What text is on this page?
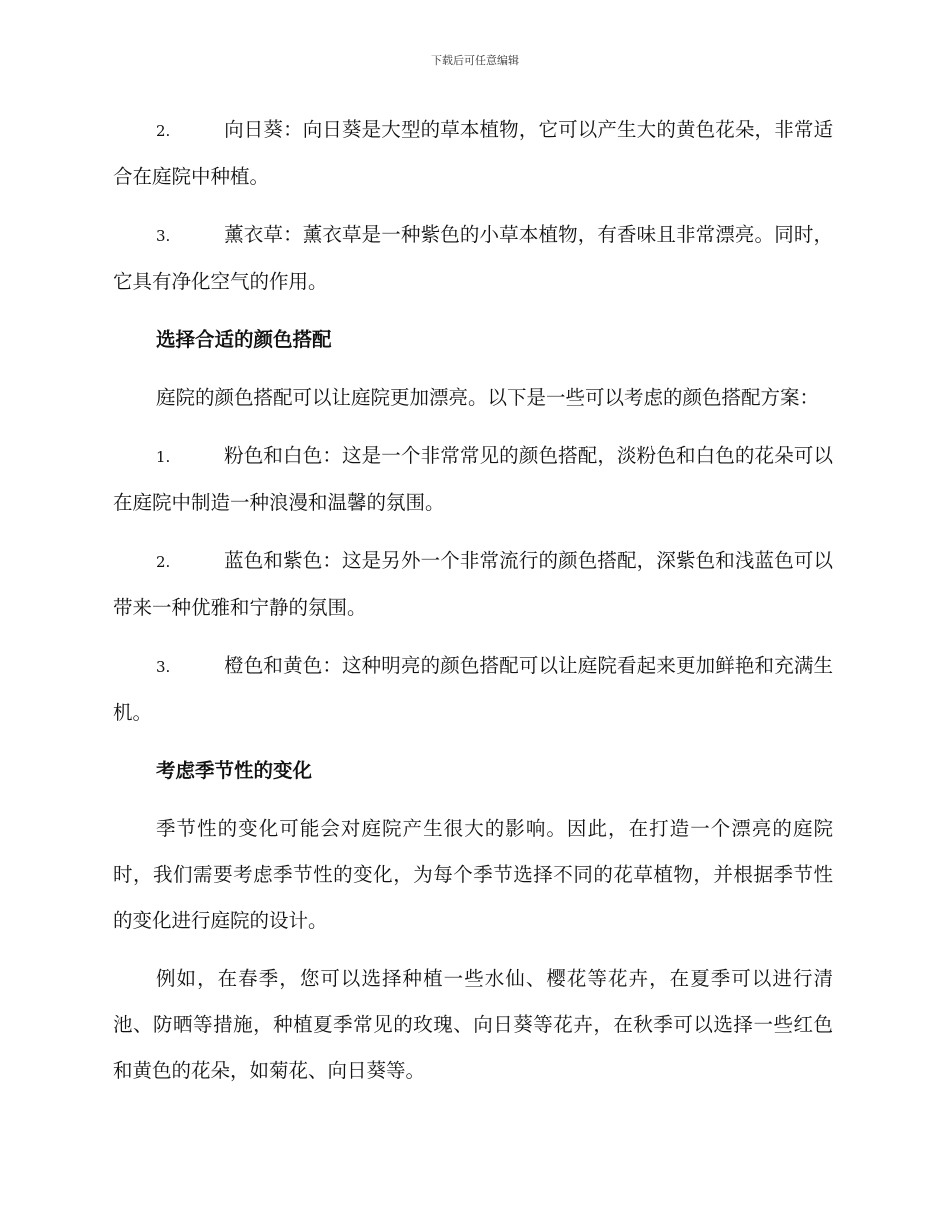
下载后可任意编辑

2.	向日葵：向日葵是大型的草本植物，它可以产生大的黄色花朵，非常适合在庭院中种植。

3.	薰衣草：薰衣草是一种紫色的小草本植物，有香味且非常漂亮。同时，它具有净化空气的作用。

选择合适的颜色搭配

庭院的颜色搭配可以让庭院更加漂亮。以下是一些可以考虑的颜色搭配方案：

1.	粉色和白色：这是一个非常常见的颜色搭配，淡粉色和白色的花朵可以在庭院中制造一种浪漫和温馨的氛围。

2.	蓝色和紫色：这是另外一个非常流行的颜色搭配，深紫色和浅蓝色可以带来一种优雅和宁静的氛围。

3.	橙色和黄色：这种明亮的颜色搭配可以让庭院看起来更加鲜艳和充满生机。

考虑季节性的变化

季节性的变化可能会对庭院产生很大的影响。因此，在打造一个漂亮的庭院时，我们需要考虑季节性的变化，为每个季节选择不同的花草植物，并根据季节性的变化进行庭院的设计。

例如，在春季，您可以选择种植一些水仙、樱花等花卉，在夏季可以进行清池、防晒等措施，种植夏季常见的玫瑰、向日葵等花卉，在秋季可以选择一些红色和黄色的花朵，如菊花、向日葵等。
